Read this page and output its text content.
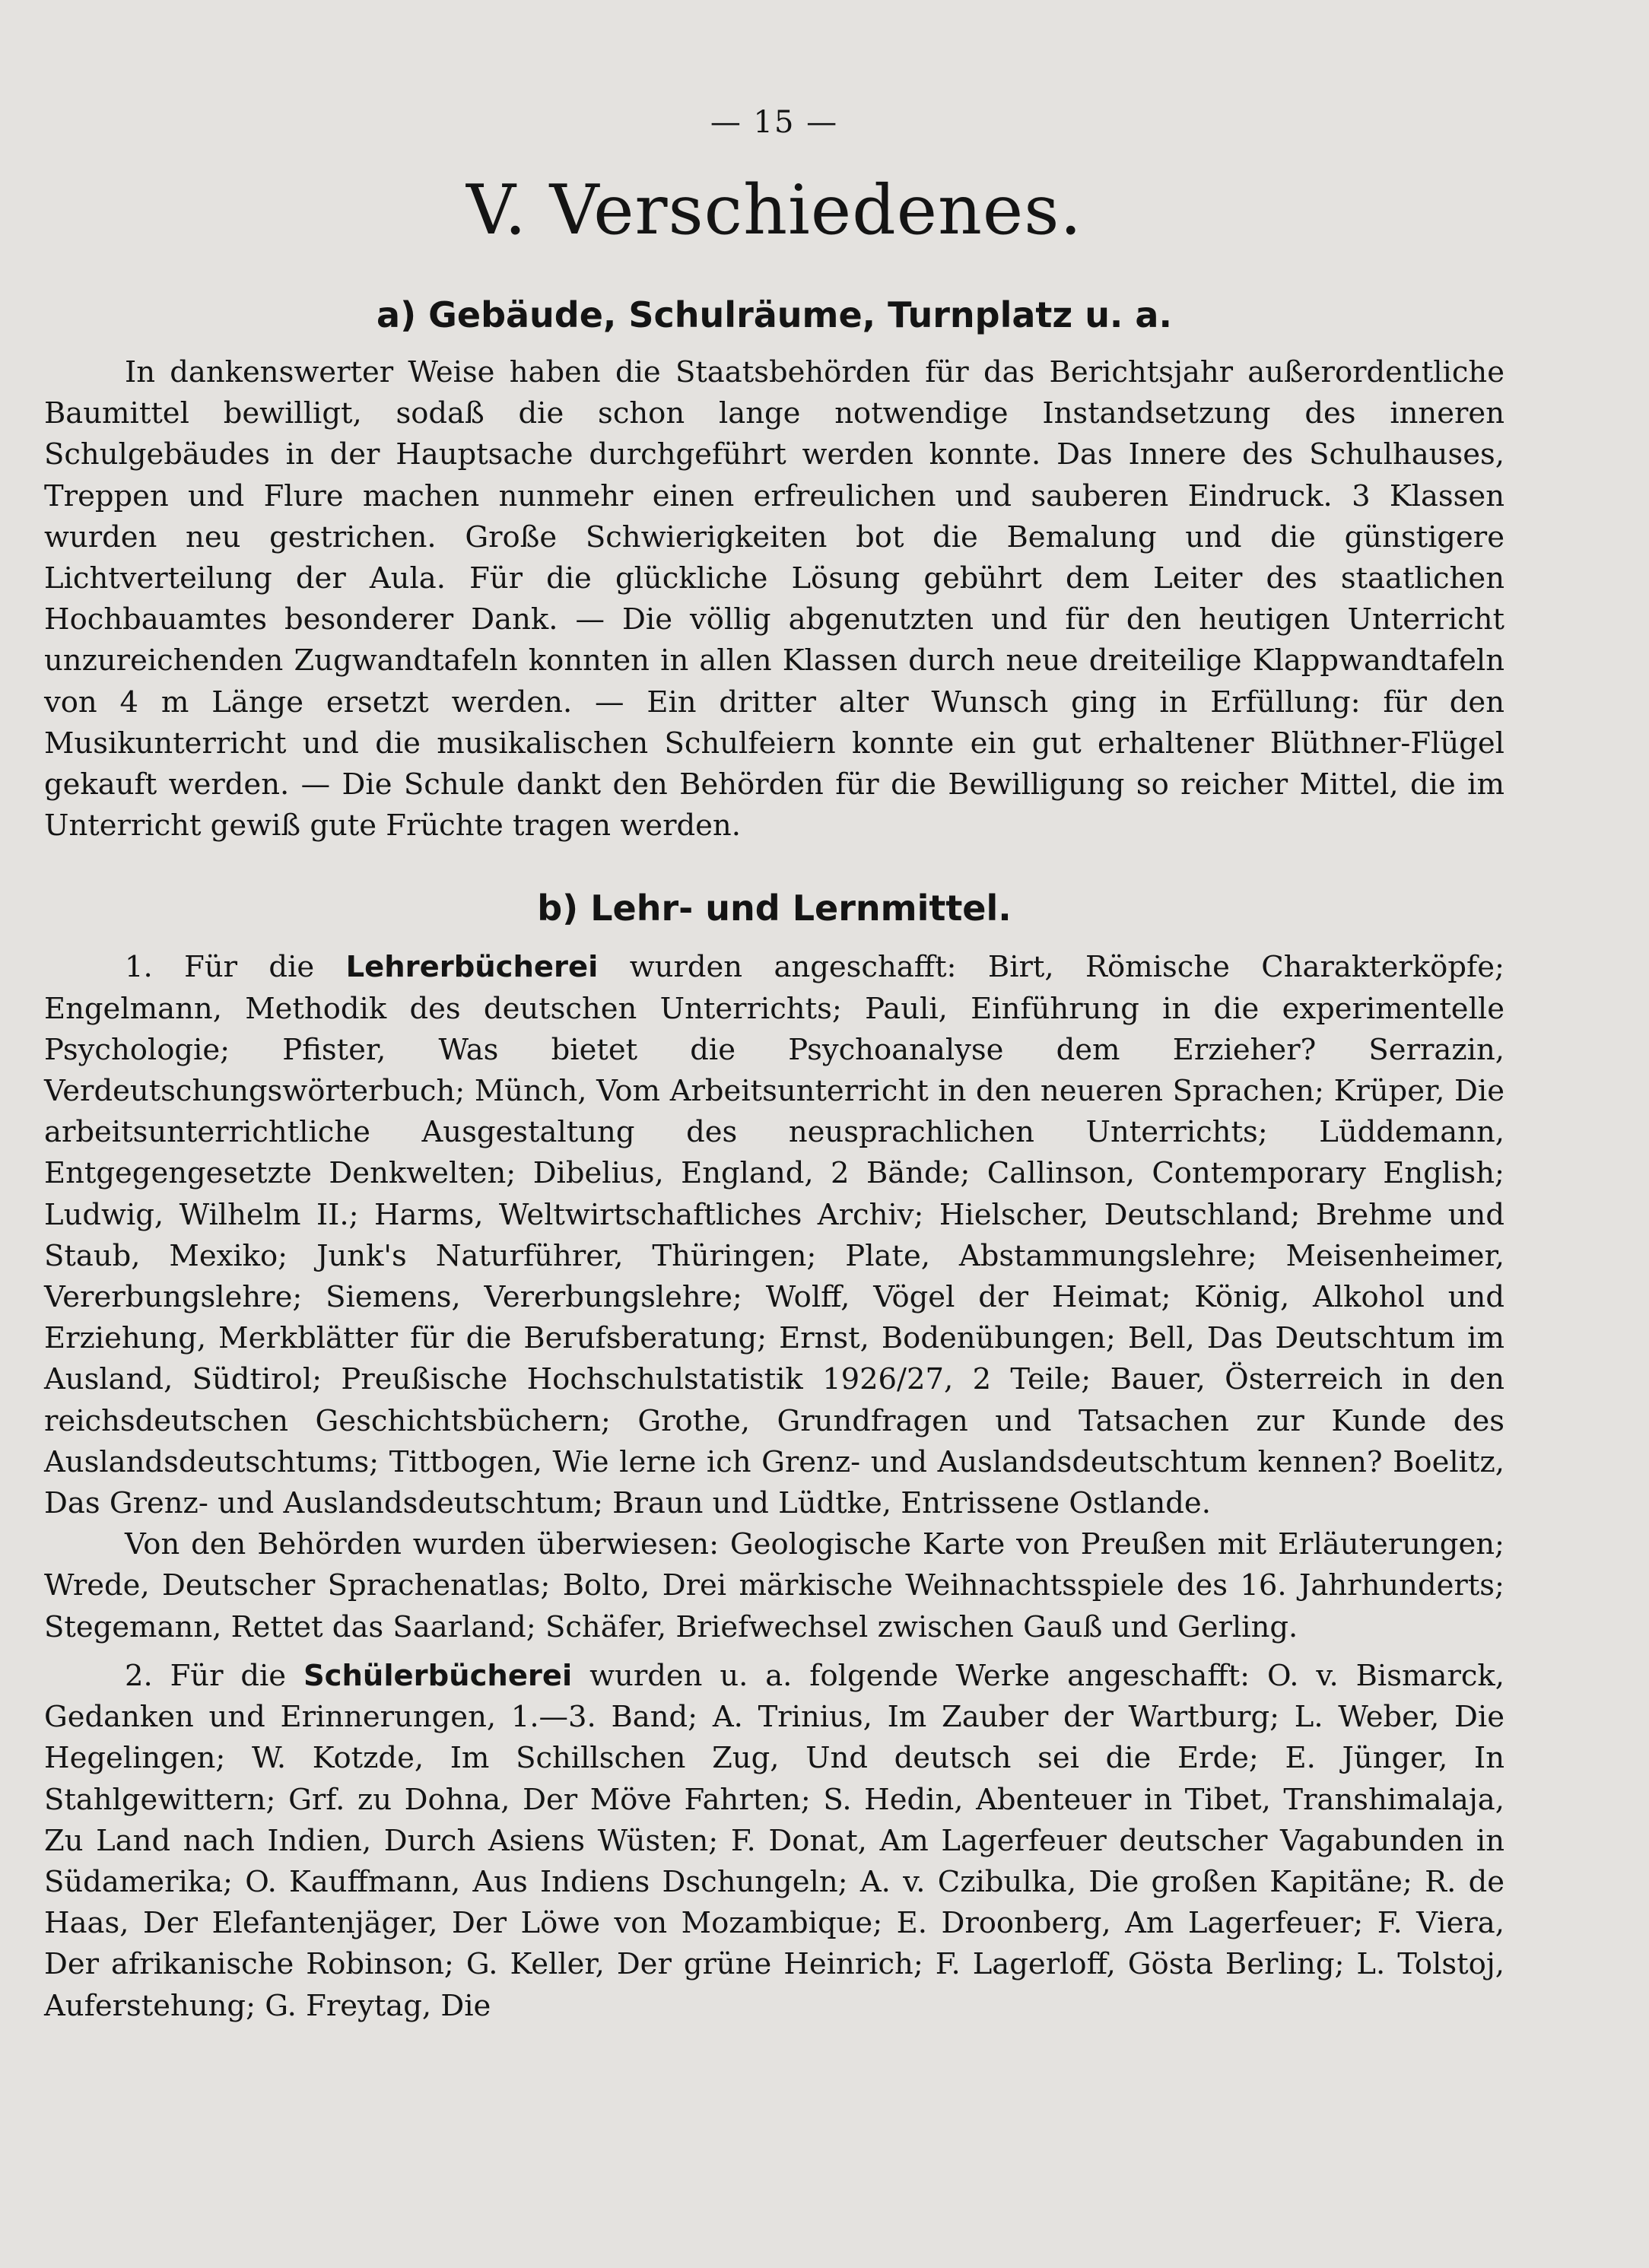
— 15 —
V. Verschiedenes.
a) Gebäude, Schulräume, Turnplatz u. a.

In dankenswerter Weise haben die Staatsbehörden für das Berichtsjahr außerordentliche Baumittel bewilligt, sodaß die schon lange notwendige Instandsetzung des inneren Schulgebäudes in der Hauptsache durchgeführt werden konnte. Das Innere des Schulhauses, Treppen und Flure machen nunmehr einen erfreulichen und sauberen Eindruck. 3 Klassen wurden neu gestrichen. Große Schwierigkeiten bot die Bemalung und die günstigere Lichtverteilung der Aula. Für die glückliche Lösung gebührt dem Leiter des staatlichen Hochbauamtes besonderer Dank. — Die völlig abgenutzten und für den heutigen Unterricht unzureichenden Zugwandtafeln konnten in allen Klassen durch neue dreiteilige Klappwandtafeln von 4 m Länge ersetzt werden. — Ein dritter alter Wunsch ging in Erfüllung: für den Musikunterricht und die musikalischen Schulfeiern konnte ein gut erhaltener Blüthner-Flügel gekauft werden. — Die Schule dankt den Behörden für die Bewilligung so reicher Mittel, die im Unterricht gewiß gute Früchte tragen werden.

b) Lehr- und Lernmittel.

1. Für die Lehrerbücherei wurden angeschafft: Birt, Römische Charakterköpfe; Engelmann, Methodik des deutschen Unterrichts; Pauli, Einführung in die experimentelle Psychologie; Pfister, Was bietet die Psychoanalyse dem Erzieher? Serrazin, Verdeutschungswörterbuch; Münch, Vom Arbeitsunterricht in den neueren Sprachen; Krüper, Die arbeitsunterrichtliche Ausgestaltung des neusprachlichen Unterrichts; Lüddemann, Entgegengesetzte Denkwelten; Dibelius, England, 2 Bände; Callinson, Contemporary English; Ludwig, Wilhelm II.; Harms, Weltwirtschaftliches Archiv; Hielscher, Deutschland; Brehme und Staub, Mexiko; Junk's Naturführer, Thüringen; Plate, Abstammungslehre; Meisenheimer, Vererbungslehre; Siemens, Vererbungslehre; Wolff, Vögel der Heimat; König, Alkohol und Erziehung, Merkblätter für die Berufsberatung; Ernst, Bodenübungen; Bell, Das Deutschtum im Ausland, Südtirol; Preußische Hochschulstatistik 1926/27, 2 Teile; Bauer, Österreich in den reichsdeutschen Geschichtsbüchern; Grothe, Grundfragen und Tatsachen zur Kunde des Auslandsdeutschtums; Tittbogen, Wie lerne ich Grenz- und Auslandsdeutschtum kennen? Boelitz, Das Grenz- und Auslandsdeutschtum; Braun und Lüdtke, Entrissene Ostlande.

Von den Behörden wurden überwiesen: Geologische Karte von Preußen mit Erläuterungen; Wrede, Deutscher Sprachenatlas; Bolto, Drei märkische Weihnachtsspiele des 16. Jahrhunderts; Stegemann, Rettet das Saarland; Schäfer, Briefwechsel zwischen Gauß und Gerling.

2. Für die Schülerbücherei wurden u. a. folgende Werke angeschafft: O. v. Bismarck, Gedanken und Erinnerungen, 1.—3. Band; A. Trinius, Im Zauber der Wartburg; L. Weber, Die Hegelingen; W. Kotzde, Im Schillschen Zug, Und deutsch sei die Erde; E. Jünger, In Stahlgewittern; Grf. zu Dohna, Der Möve Fahrten; S. Hedin, Abenteuer in Tibet, Transhimalaja, Zu Land nach Indien, Durch Asiens Wüsten; F. Donat, Am Lagerfeuer deutscher Vagabunden in Südamerika; O. Kauffmann, Aus Indiens Dschungeln; A. v. Czibulka, Die großen Kapitäne; R. de Haas, Der Elefantenjäger, Der Löwe von Mozambique; E. Droonberg, Am Lagerfeuer; F. Viera, Der afrikanische Robinson; G. Keller, Der grüne Heinrich; F. Lagerloff, Gösta Berling; L. Tolstoj, Auferstehung; G. Freytag, Die
